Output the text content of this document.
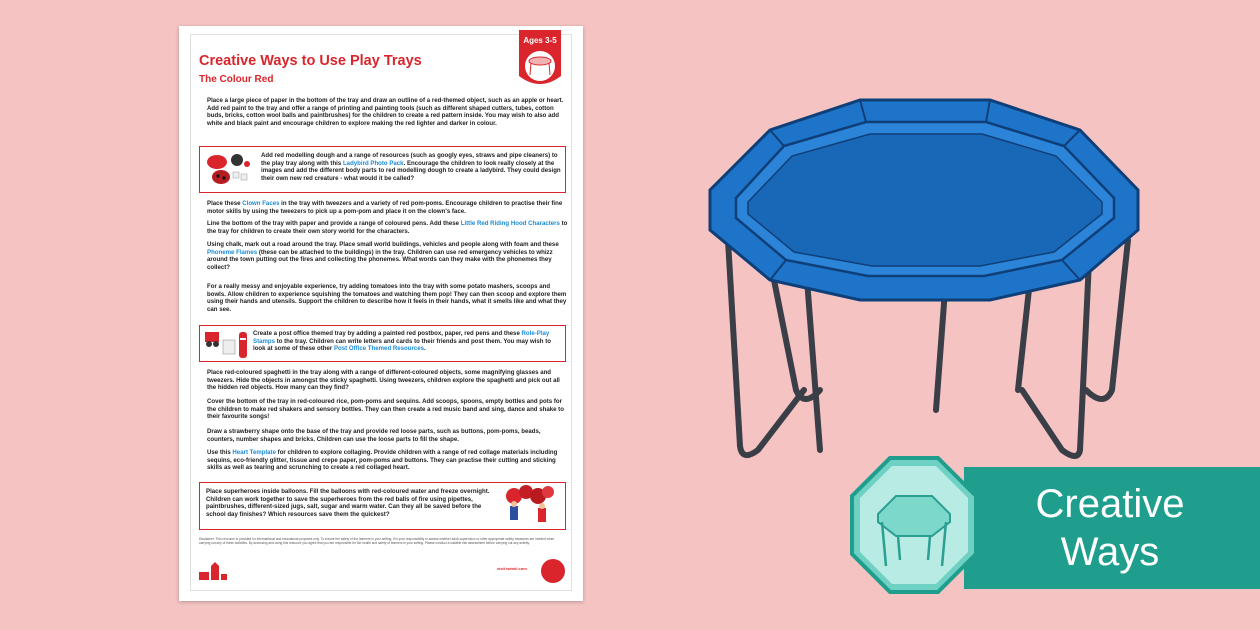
Creative Ways to Use Play Trays
The Colour Red
Ages 3-5
Place a large piece of paper in the bottom of the tray and draw an outline of a red-themed object, such as an apple or heart. Add red paint to the tray and offer a range of printing and painting tools (such as different shaped cutters, tubes, cotton buds, bricks, cotton wool balls and paintbrushes) for the children to create a red pattern inside. You may wish to also add white and black paint and encourage children to explore making the red lighter and darker in colour.
Add red modelling dough and a range of resources (such as googly eyes, straws and pipe cleaners) to the play tray along with this Ladybird Photo Pack. Encourage the children to look really closely at the images and add the different body parts to red modelling dough to create a ladybird. They could design their own new red creature - what would it be called?
Place these Clown Faces in the tray with tweezers and a variety of red pom-poms. Encourage children to practise their fine motor skills by using the tweezers to pick up a pom-pom and place it on the clown's face.
Line the bottom of the tray with paper and provide a range of coloured pens. Add these Little Red Riding Hood Characters to the tray for children to create their own story world for the characters.
Using chalk, mark out a road around the tray. Place small world buildings, vehicles and people along with foam and these Phoneme Flames (these can be attached to the buildings) in the tray. Children can use red emergency vehicles to whizz around the town putting out the fires and collecting the phonemes. What words can they make with the phonemes they collect?
For a really messy and enjoyable experience, try adding tomatoes into the tray with some potato mashers, scoops and bowls. Allow children to experience squishing the tomatoes and watching them pop! They can then scoop and explore them using their hands and utensils. Support the children to describe how it feels in their hands, what it smells like and what they can see.
Create a post office themed tray by adding a painted red postbox, paper, red pens and these Role-Play Stamps to the tray. Children can write letters and cards to their friends and post them. You may wish to look at some of these other Post Office Themed Resources.
Place red-coloured spaghetti in the tray along with a range of different-coloured objects, some magnifying glasses and tweezers. Hide the objects in amongst the sticky spaghetti. Using tweezers, children explore the spaghetti and pick out all the hidden red objects. How many can they find?
Cover the bottom of the tray in red-coloured rice, pom-poms and sequins. Add scoops, spoons, empty bottles and pots for the children to make red shakers and sensory bottles. They can then create a red music band and sing, dance and shake to their favourite songs!
Draw a strawberry shape onto the base of the tray and provide red loose parts, such as buttons, pom-poms, beads, counters, number shapes and bricks. Children can use the loose parts to fill the shape.
Use this Heart Template for children to explore collaging. Provide children with a range of red collage materials including sequins, eco-friendly glitter, tissue and crepe paper, pom-poms and buttons. They can practise their cutting and sticking skills as well as tearing and scrunching to create a red collaged heart.
Place superheroes inside balloons. Fill the balloons with red-coloured water and freeze overnight. Children can work together to save the superheroes from the red balls of fire using pipettes, paintbrushes, different-sized jugs, salt, sugar and warm water. Can they all be saved before the school day finishes? Which resources save them the quickest?
Disclaimer: This resource is provided for informational and educational purposes only. To ensure the safety of the learners in your setting, it is your responsibility to assess whether adult supervision or other appropriate safety measures are needed when carrying out any of these activities. By accessing and using this resource you agree that you are responsible for the health and safety of learners in your setting. Please conduct a suitable risk assessment before carrying out any activity.
visit twinkl.com
Creative
Ways
